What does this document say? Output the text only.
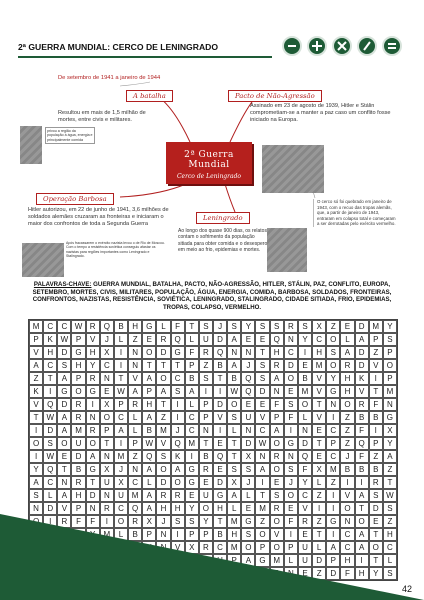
2ª GUERRA MUNDIAL: CERCO DE LENINGRADO
De setembro de 1941 a janeiro de 1944
A batalha	Pacto de Não-Agressão
Operação Barbosa
Leningrado
Resultou em mais de 1,5 milhão de mortes, entre civis e militares.
Assinado em 23 de agosto de 1939, Hitler e Stálin comprometiam-se a manter a paz caso um conflito fosse iniciado na Europa.
privou a região da população à água, energia e principalmente comida
2ª Guerra Mundial
Cerco de Leningrado
Hitler autorizou, em 22 de junho de 1941, 3,6 milhões de soldados alemães cruzaram as fronteiras e iniciaram o maior dos confrontos de toda a Segunda Guerra
Ao longo dos quase 900 dias, os relatos contam o sofrimento da população sitiada para obter comida e o desespero em meio ao frio, epidemias e mortes.
O cerco só foi quebrado em janeiro de 1943, com o recuo das tropas alemãs, que, a partir de janeiro de 1943, entraram em colapso total e começaram a ser derrotadas pelo exército vermelho.
Após fracassarem o exército nazista levou o de Rio de Moscou. Com o tempo a resistência soviética conseguiu afastar os nazistas para regiões importantes como Leningrado e Stalingrado.
PALAVRAS-CHAVE: GUERRA MUNDIAL, BATALHA, PACTO, NÃO-AGRESSÃO, HITLER, STÁLIN, PAZ, CONFLITO, EUROPA, SETEMBRO, MORTES, CIVIS, MILITARES, POPULAÇÃO, ÁGUA, ENERGIA, COMIDA, BARBOSA, SOLDADOS, FRONTEIRAS, CONFRONTOS, NAZISTAS, RESISTÊNCIA, SOVIÉTICA, LENINGRADO, STALINGRADO, CIDADE SITIADA, FRIO, EPIDEMIAS, TROPAS, COLAPSO, VERMELHO.
M C	C W R	Q	B	H	G	L	F	T	S	J	S	Y	S	S	R	S	X	Z	E	D M	Y
P	K W P	V	J	L	Z	E	R	Q	L	U	D	A	E	E	Q	N	Y	C	O	L	A	P	S
V	H	D	G	H	X	I	N	O	D	G	F	R	Q	N	N	T	H	C	I	H	S	A	D	Z	P
A	C	S	H	Y	C	I	N	T	T	T	P	Z	B	A	J	S	R	D	E	M O	R	D	V	O
Z	T	A	P	R	N	T	V	A	O	C	B	S	T	B	Q	S	A	O	B	V	Y	H	K	I	P
K	I	G O G	E W A	P	A	S	A	I	I	W Q	D	N	E	M	V	G	H	V	T	M
V	Q	D	R	I	X	P	R	H	T	I	L	P	D	O	E	E	F	S	O	T	N	O	R	F	N
T W A	R	N	O	C	L	A	Z	I	C	P	V	S	U	V	P	F	L	V	I	Z	B	B	G
I	D	A	M R	P	A	L	B	M	J	C	N	I	L	N	C	A	I	N	E	C	Z	F	I	X
O	S	O	U	O	T	I	P W V	Q M	T	E	T	D W O G	D	T	P	Z	Q	P	Y
I	W E	D	A	N M	Z	Q	S	K	I	B	Q	T	X	N	R	N	Q	E	C	J	F	Z	A
Y	Q	T	B	G	X	J	N	A	O	A	G	R	E	S	S	A	O	S	F	X	M	B	B	B	Z
A	C	N	R	T	U	X	C	L	D	O G	E	D	X	J	I	E	J	Y	L	Z	I	I	R	T
S	L	A	H	D	N	U M	A	R	R	E	U	G	A	L	T	S	O	C	Z	I	V	A	S W
N	D	V	P	N	R	C	Q	A	H	H	Y	O	H	L	E	M R	E	V	I	I	O	T	D	S
O	I	R	F	F	I	O	R	X	J	S	S	Y	T	M G	Z	O	F	R	Z	G	N	O	E	Z
D	V	E	A	Y	M	L	B	P	N	I	P	P	B	H	S	O	V	I	E	T	I	C	A	T	H
I	D	S	U	C	I	B	A	K	N	V	X	R	C M O	P	O	P	U	L	A	C	A	O	C
N	H W G	V	C	A	L	T	Q	I	O	Z	H	P	A	G M	L	U	D	P	H	I	T	L
L	E W A	T	R	O	P	A	S	C	I	J	K	V	J	U	P	N	E	Z	D	F	H	Y	S
42
